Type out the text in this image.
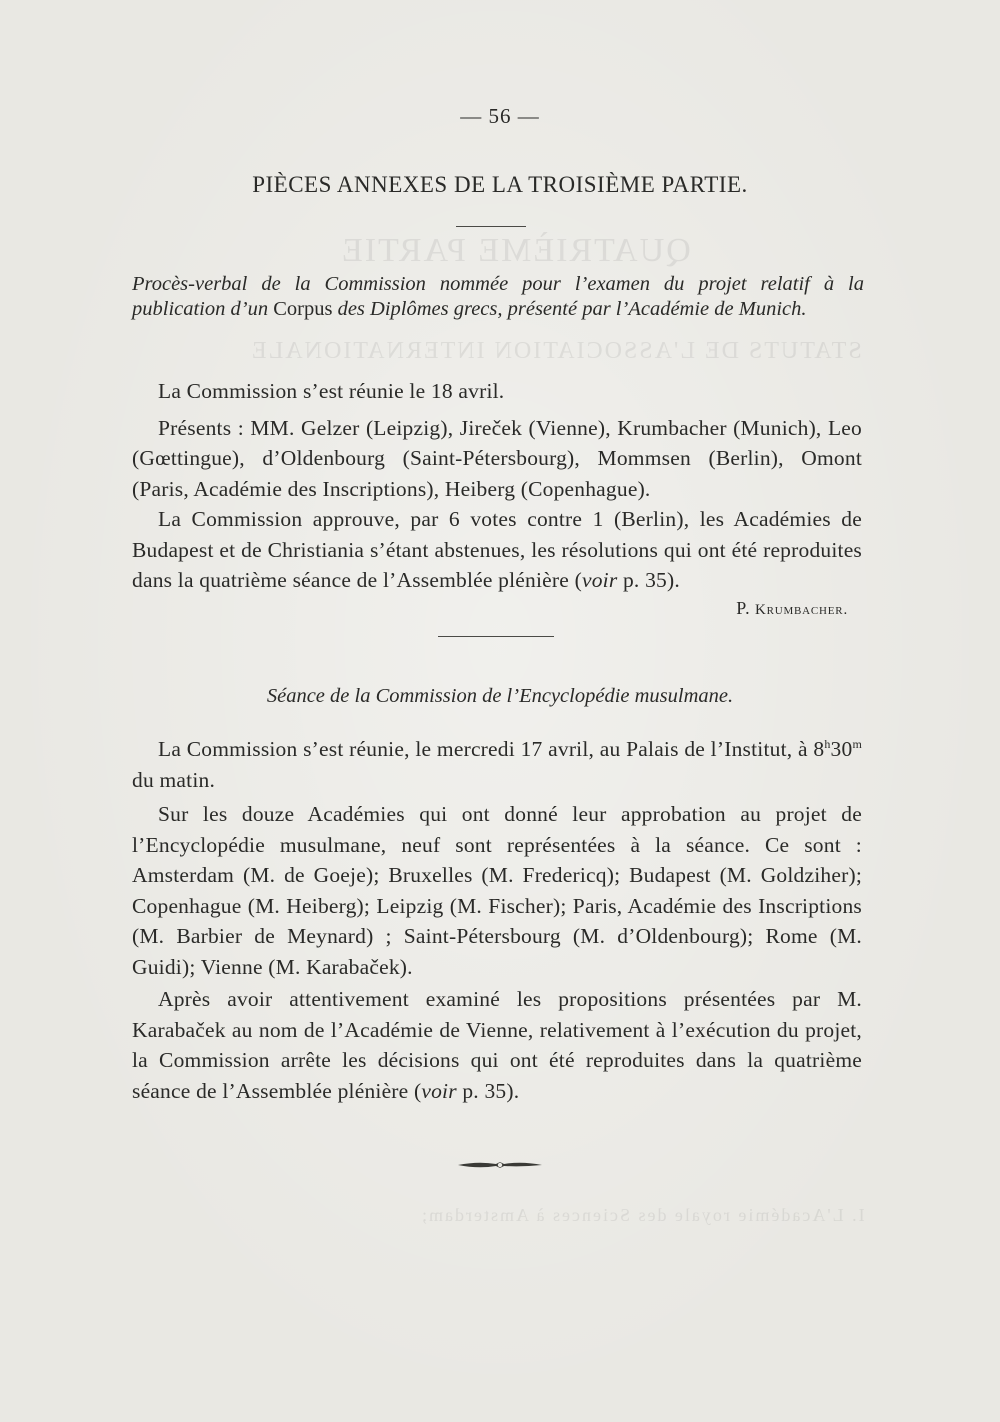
QUATRIÈME PARTIE
STATUTS DE L'ASSOCIATION INTERNATIONALE
I. L'Académie royale des Sciences à Amsterdam;
— 56 —
PIÈCES ANNEXES DE LA TROISIÈME PARTIE.
Procès-verbal de la Commission nommée pour l’examen du projet relatif à la publication d’un Corpus des Diplômes grecs, présenté par l’Académie de Munich.

La Commission s’est réunie le 18 avril.

Présents : MM. Gelzer (Leipzig), Jireček (Vienne), Krumbacher (Munich), Leo (Gœttingue), d’Oldenbourg (Saint-Pétersbourg), Mommsen (Berlin), Omont (Paris, Académie des Inscriptions), Heiberg (Copenhague).

La Commission approuve, par 6 votes contre 1 (Berlin), les Académies de Budapest et de Christiania s’étant abstenues, les résolutions qui ont été reproduites dans la quatrième séance de l’Assemblée plénière (voir p. 35).

P. Krumbacher.
Séance de la Commission de l’Encyclopédie musulmane.

La Commission s’est réunie, le mercredi 17 avril, au Palais de l’Institut, à 8$^h$30$^m$ du matin.

Sur les douze Académies qui ont donné leur approbation au projet de l’Encyclopédie musulmane, neuf sont représentées à la séance. Ce sont : Amsterdam (M. de Goeje); Bruxelles (M. Fredericq); Budapest (M. Goldziher); Copenhague (M. Heiberg); Leipzig (M. Fischer); Paris, Académie des Inscriptions (M. Barbier de Meynard) ; Saint-Pétersbourg (M. d’Oldenbourg); Rome (M. Guidi); Vienne (M. Karabaček).

Après avoir attentivement examiné les propositions présentées par M. Karabaček au nom de l’Académie de Vienne, relativement à l’exécution du projet, la Commission arrête les décisions qui ont été reproduites dans la quatrième séance de l’Assemblée plénière (voir p. 35).
